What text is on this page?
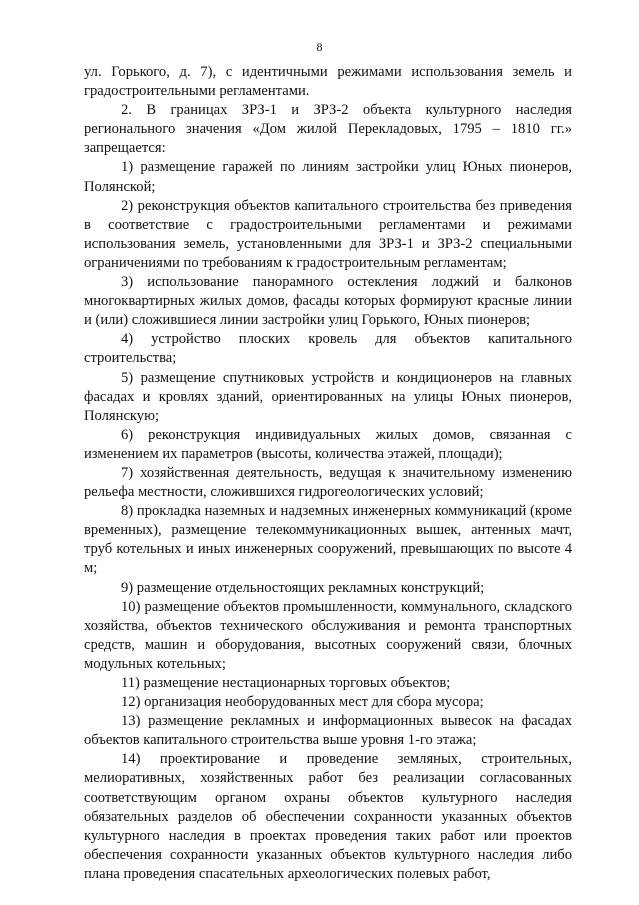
8

ул. Горького, д. 7), с идентичными режимами использования земель и градостроительными регламентами.

2. В границах ЗРЗ-1 и ЗРЗ-2 объекта культурного наследия регионального значения «Дом жилой Перекладовых, 1795 – 1810 гг.» запрещается:

1) размещение гаражей по линиям застройки улиц Юных пионеров, Полянской;

2) реконструкция объектов капитального строительства без приведения в соответствие с градостроительными регламентами и режимами использования земель, установленными для ЗРЗ-1 и ЗРЗ-2 специальными ограничениями по требованиям к градостроительным регламентам;

3) использование панорамного остекления лоджий и балконов многоквартирных жилых домов, фасады которых формируют красные линии и (или) сложившиеся линии застройки улиц Горького, Юных пионеров;

4) устройство плоских кровель для объектов капитального строительства;

5) размещение спутниковых устройств и кондиционеров на главных фасадах и кровлях зданий, ориентированных на улицы Юных пионеров, Полянскую;

6) реконструкция индивидуальных жилых домов, связанная с изменением их параметров (высоты, количества этажей, площади);

7) хозяйственная деятельность, ведущая к значительному изменению рельефа местности, сложившихся гидрогеологических условий;

8) прокладка наземных и надземных инженерных коммуникаций (кроме временных), размещение телекоммуникационных вышек, антенных мачт, труб котельных и иных инженерных сооружений, превышающих по высоте 4 м;

9) размещение отдельностоящих рекламных конструкций;

10) размещение объектов промышленности, коммунального, складского хозяйства, объектов технического обслуживания и ремонта транспортных средств, машин и оборудования, высотных сооружений связи, блочных модульных котельных;

11) размещение нестационарных торговых объектов;

12) организация необорудованных мест для сбора мусора;

13) размещение рекламных и информационных вывесок на фасадах объектов капитального строительства выше уровня 1-го этажа;

14) проектирование и проведение земляных, строительных, мелиоративных, хозяйственных работ без реализации согласованных соответствующим органом охраны объектов культурного наследия обязательных разделов об обеспечении сохранности указанных объектов культурного наследия в проектах проведения таких работ или проектов обеспечения сохранности указанных объектов культурного наследия либо плана проведения спасательных археологических полевых работ,
